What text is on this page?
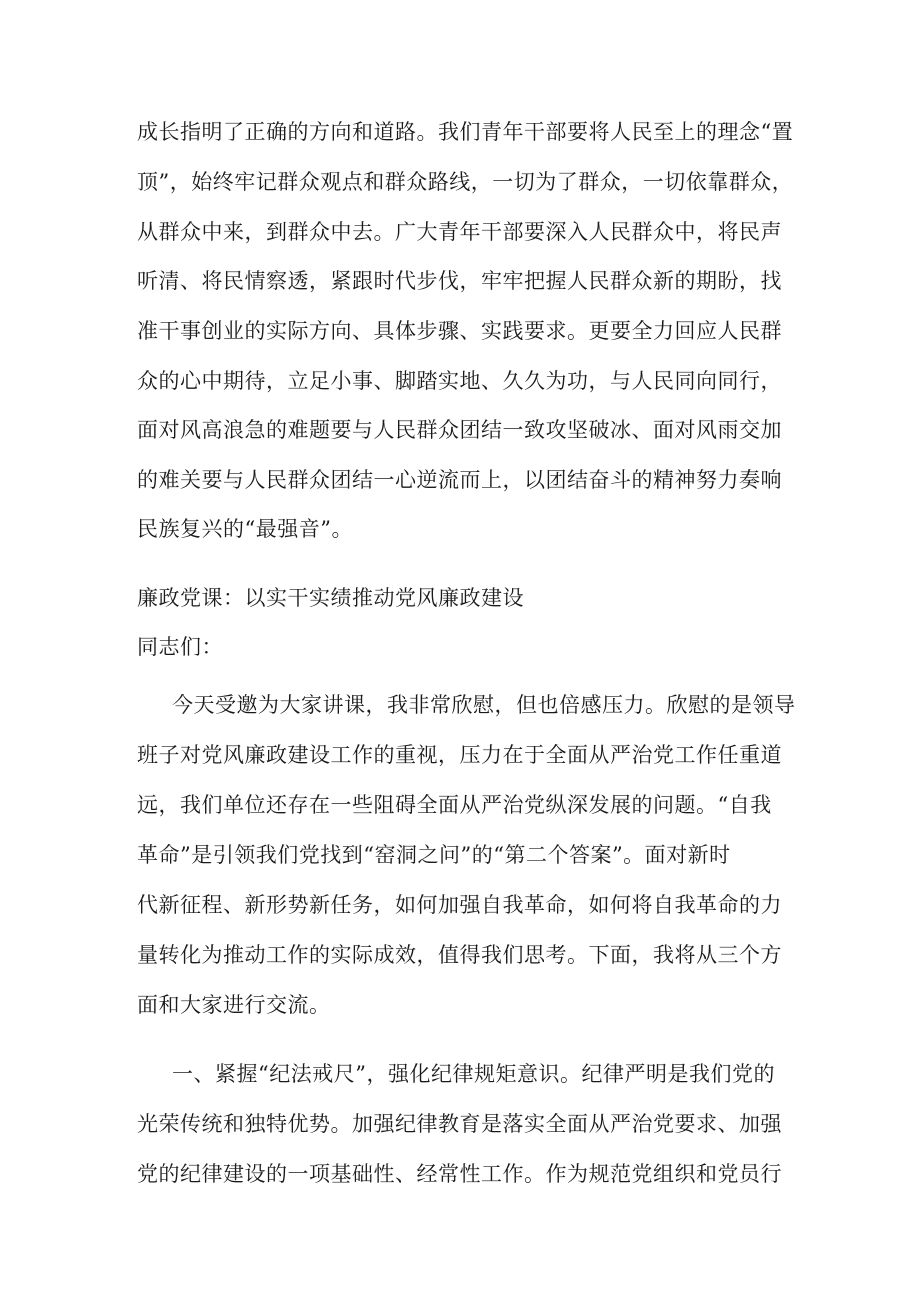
成长指明了正确的方向和道路。我们青年干部要将人民至上的理念“置
顶”，始终牢记群众观点和群众路线，一切为了群众，一切依靠群众，
从群众中来，到群众中去。广大青年干部要深入人民群众中，将民声
听清、将民情察透，紧跟时代步伐，牢牢把握人民群众新的期盼，找
准干事创业的实际方向、具体步骤、实践要求。更要全力回应人民群
众的心中期待，立足小事、脚踏实地、久久为功，与人民同向同行，
面对风高浪急的难题要与人民群众团结一致攻坚破冰、面对风雨交加
的难关要与人民群众团结一心逆流而上，以团结奋斗的精神努力奏响
民族复兴的“最强音”。
廉政党课：以实干实绩推动党风廉政建设
同志们：
今天受邀为大家讲课，我非常欣慰，但也倍感压力。欣慰的是领导
班子对党风廉政建设工作的重视，压力在于全面从严治党工作任重道
远，我们单位还存在一些阻碍全面从严治党纵深发展的问题。“自我
革命”是引领我们党找到“窑洞之问”的“第二个答案”。面对新时
代新征程、新形势新任务，如何加强自我革命，如何将自我革命的力
量转化为推动工作的实际成效，值得我们思考。下面，我将从三个方
面和大家进行交流。
一、紧握“纪法戒尺”，强化纪律规矩意识。纪律严明是我们党的
光荣传统和独特优势。加强纪律教育是落实全面从严治党要求、加强
党的纪律建设的一项基础性、经常性工作。作为规范党组织和党员行
